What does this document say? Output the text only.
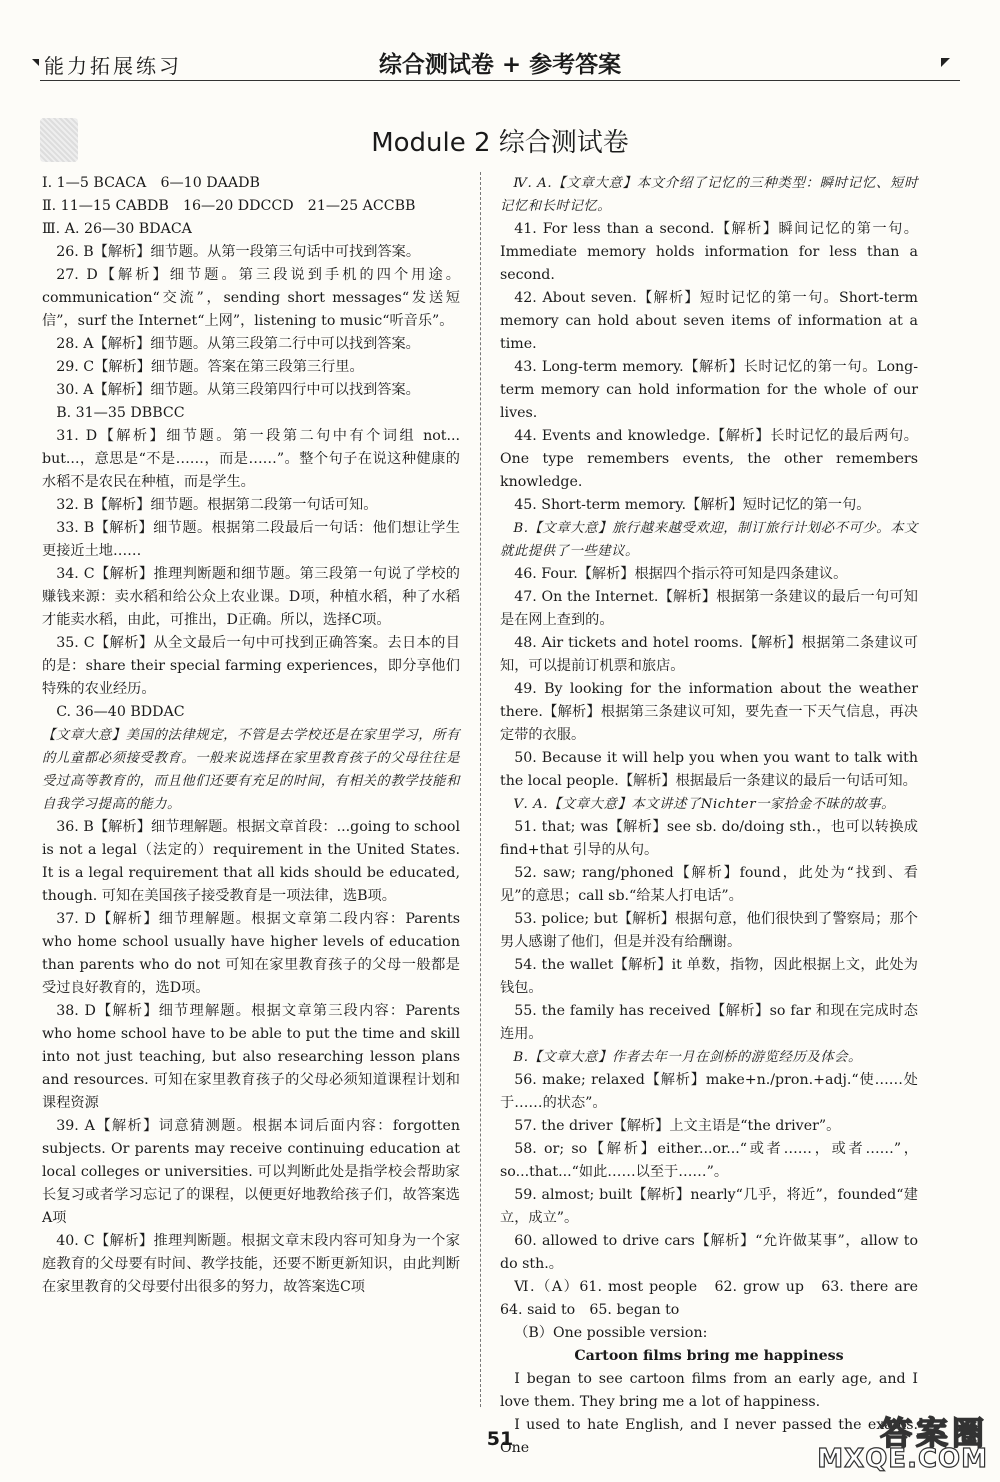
能力拓展练习	综合测试卷 + 参考答案
Module 2 综合测试卷

Ⅰ. 1—5 BCACA　6—10 DAADB

Ⅱ. 11—15 CABDB　16—20 DDCCD　21—25 ACCBB

Ⅲ. A. 26—30 BDACA

26. B【解析】细节题。从第一段第三句话中可找到答案。

27. D【解析】细节题。第三段说到手机的四个用途。communication“交流”，sending short messages“发送短信”，surf the Internet“上网”，listening to music“听音乐”。

28. A【解析】细节题。从第三段第二行中可以找到答案。

29. C【解析】细节题。答案在第三段第三行里。

30. A【解析】细节题。从第三段第四行中可以找到答案。

B. 31—35 DBBCC

31. D【解析】细节题。第一段第二句中有个词组 not... but...，意思是“不是……，而是……”。整个句子在说这种健康的水稻不是农民在种植，而是学生。

32. B【解析】细节题。根据第二段第一句话可知。

33. B【解析】细节题。根据第二段最后一句话：他们想让学生更接近土地……

34. C【解析】推理判断题和细节题。第三段第一句说了学校的赚钱来源：卖水稻和给公众上农业课。D项，种植水稻，种了水稻才能卖水稻，由此，可推出，D正确。所以，选择C项。

35. C【解析】从全文最后一句中可找到正确答案。去日本的目的是：share their special farming experiences，即分享他们特殊的农业经历。

C. 36—40 BDDAC

【文章大意】美国的法律规定，不管是去学校还是在家里学习，所有的儿童都必须接受教育。一般来说选择在家里教育孩子的父母往往是受过高等教育的，而且他们还要有充足的时间，有相关的教学技能和自我学习提高的能力。

36. B【解析】细节理解题。根据文章首段：...going to school is not a legal（法定的）requirement in the United States. It is a legal requirement that all kids should be educated, though. 可知在美国孩子接受教育是一项法律，选B项。

37. D【解析】细节理解题。根据文章第二段内容：Parents who home school usually have higher levels of education than parents who do not 可知在家里教育孩子的父母一般都是受过良好教育的，选D项。

38. D【解析】细节理解题。根据文章第三段内容：Parents who home school have to be able to put the time and skill into not just teaching, but also researching lesson plans and resources. 可知在家里教育孩子的父母必须知道课程计划和课程资源

39. A【解析】词意猜测题。根据本词后面内容：forgotten subjects. Or parents may receive continuing education at local colleges or universities. 可以判断此处是指学校会帮助家长复习或者学习忘记了的课程，以便更好地教给孩子们，故答案选A项

40. C【解析】推理判断题。根据文章末段内容可知身为一个家庭教育的父母要有时间、教学技能，还要不断更新知识，由此判断在家里教育的父母要付出很多的努力，故答案选C项

Ⅳ. A.【文章大意】本文介绍了记忆的三种类型：瞬时记忆、短时记忆和长时记忆。

41. For less than a second.【解析】瞬间记忆的第一句。Immediate memory holds information for less than a second.

42. About seven.【解析】短时记忆的第一句。Short-term memory can hold about seven items of information at a time.

43. Long-term memory.【解析】长时记忆的第一句。Long-term memory can hold information for the whole of our lives.

44. Events and knowledge.【解析】长时记忆的最后两句。One type remembers events, the other remembers knowledge.

45. Short-term memory.【解析】短时记忆的第一句。

B.【文章大意】旅行越来越受欢迎，制订旅行计划必不可少。本文就此提供了一些建议。

46. Four.【解析】根据四个指示符可知是四条建议。

47. On the Internet.【解析】根据第一条建议的最后一句可知是在网上查到的。

48. Air tickets and hotel rooms.【解析】根据第二条建议可知，可以提前订机票和旅店。

49. By looking for the information about the weather there.【解析】根据第三条建议可知，要先查一下天气信息，再决定带的衣服。

50. Because it will help you when you want to talk with the local people.【解析】根据最后一条建议的最后一句话可知。

Ⅴ. A.【文章大意】本文讲述了Nichter一家拾金不昧的故事。

51. that; was【解析】see sb. do/doing sth.，也可以转换成find+that 引导的从句。

52. saw; rang/phoned【解析】found，此处为“找到、看见”的意思；call sb.“给某人打电话”。

53. police; but【解析】根据句意，他们很快到了警察局；那个男人感谢了他们，但是并没有给酬谢。

54. the wallet【解析】it 单数，指物，因此根据上文，此处为钱包。

55. the family has received【解析】so far 和现在完成时态连用。

B.【文章大意】作者去年一月在剑桥的游览经历及体会。

56. make; relaxed【解析】make+n./pron.+adj.“使……处于……的状态”。

57. the driver【解析】上文主语是“the driver”。

58. or; so【解析】either...or...“或者……，或者……”，so...that...“如此……以至于……”。

59. almost; built【解析】nearly“几乎，将近”，founded“建立，成立”。

60. allowed to drive cars【解析】“允许做某事”，allow to do sth.。

Ⅵ.（A）61. most people　62. grow up　63. there are　64. said to　65. began to

（B）One possible version:

Cartoon films bring me happiness

I began to see cartoon films from an early age, and I love them. They bring me a lot of happiness.

I used to hate English, and I never passed the exams. One

51	答案圈
MXQE.COM
